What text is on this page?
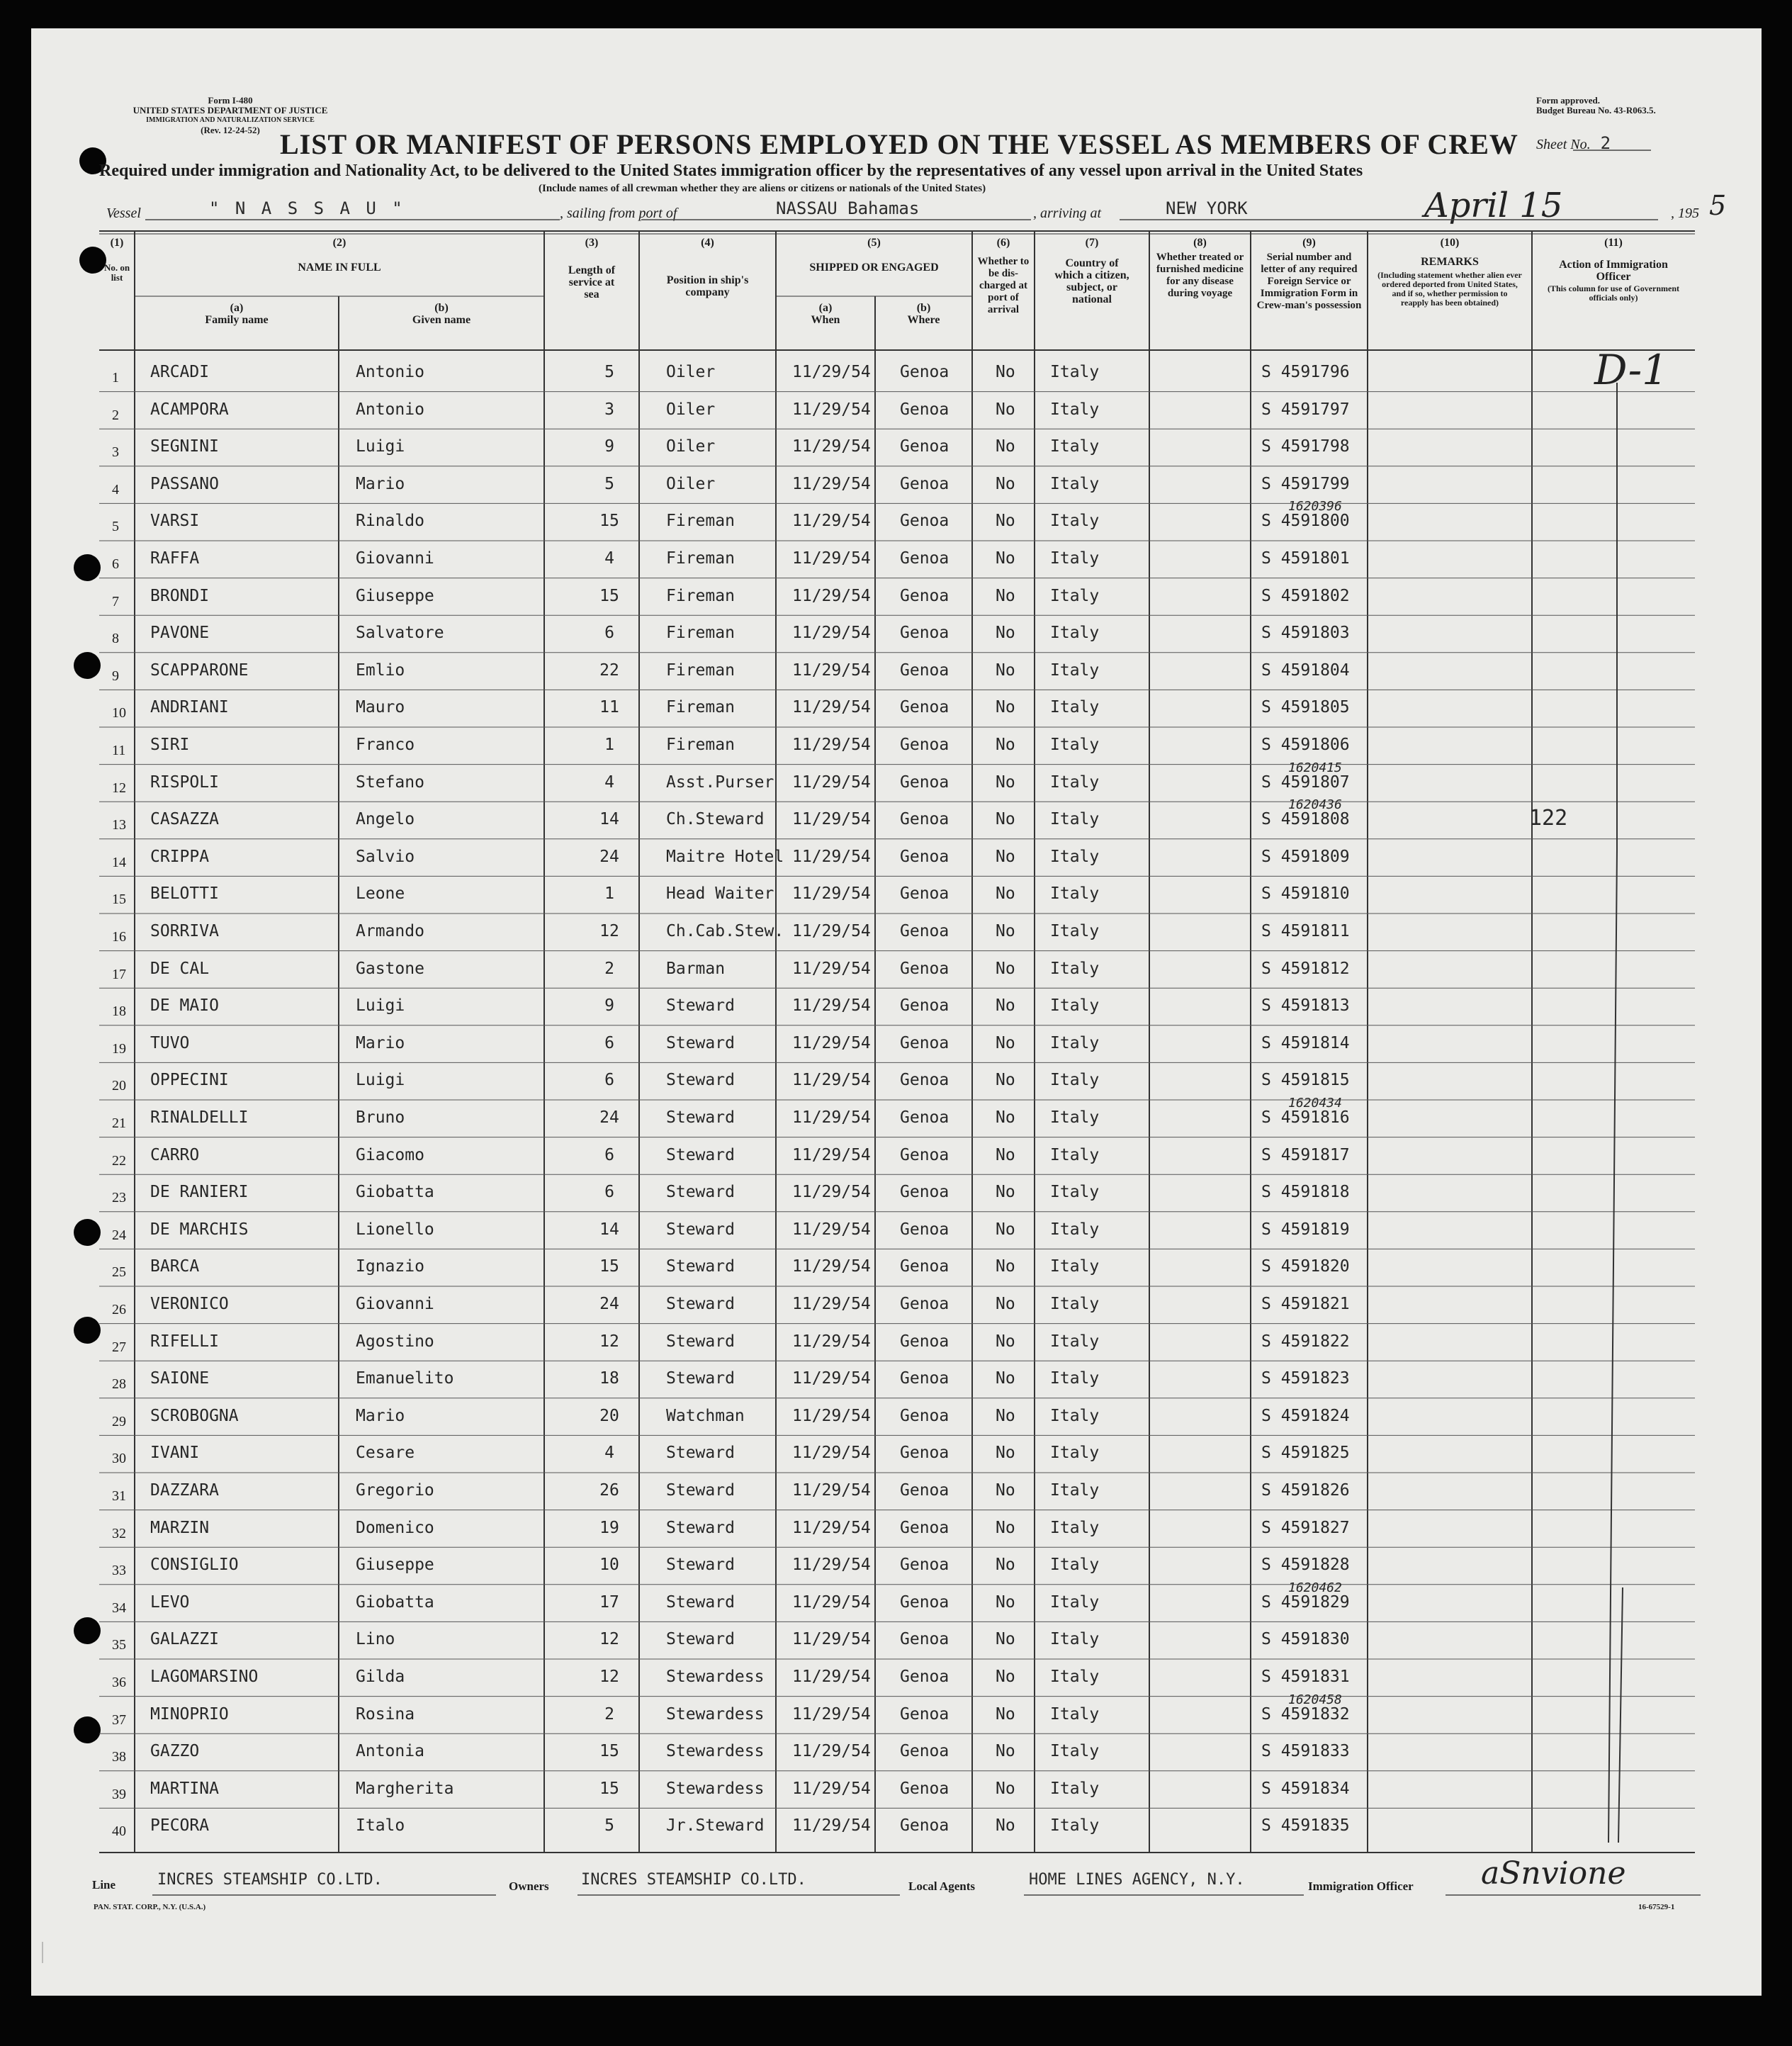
Form I-480
UNITED STATES DEPARTMENT OF JUSTICE
IMMIGRATION AND NATURALIZATION SERVICE
(Rev. 12-24-52)
Form approved.
Budget Bureau No. 43-R063.5.
LIST OR MANIFEST OF PERSONS EMPLOYED ON THE VESSEL AS MEMBERS OF CREW Sheet No. 2
Required under immigration and Nationality Act, to be delivered to the United States immigration officer by the representatives of any vessel upon arrival in the United States
(Include names of all crewman whether they are aliens or citizens or nationals of the United States)
Vessel	" N A S S A U "	, sailing from port of	NASSAU Bahamas	, arriving at	NEW YORK	April 15	, 195 5
(1)
No. on list
(2)
NAME IN FULL
(a)
Family name
(b)
Given name
(3)
Length of service at sea
(4)
Position in ship's company
(5)
SHIPPED OR ENGAGED
(a)
When
(b)
Where
(6)
Whether to be dis-charged at port of arrival
(7)
Country of which a citizen, subject, or national
(8)
Whether treated or furnished medicine for any disease during voyage
(9)
Serial number and letter of any required Foreign Service or Immigration Form in Crew-man's possession
(10)
REMARKS
(Including statement whether alien ever ordered deported from United States, and if so, whether permission to reapply has been obtained)
(11)
Action of Immigration Officer
(This column for use of Government officials only)
1 ARCADI	Antonio	5	Oiler	11/29/54 Genoa	No Italy	S 4591796
2 ACAMPORA	Antonio	3	Oiler	11/29/54 Genoa	No Italy	S 4591797
3 SEGNINI	Luigi	9	Oiler	11/29/54 Genoa	No Italy	S 4591798
4 PASSANO	Mario	5	Oiler	11/29/54 Genoa	No Italy	S 4591799
5 VARSI	Rinaldo	15	Fireman	11/29/54 Genoa	No Italy	S 4591800
1620396
6 RAFFA	Giovanni	4	Fireman	11/29/54 Genoa	No Italy	S 4591801
7 BRONDI	Giuseppe	15	Fireman	11/29/54 Genoa	No Italy	S 4591802
8 PAVONE	Salvatore	6	Fireman	11/29/54 Genoa	No Italy	S 4591803
9 SCAPPARONE	Emlio	22	Fireman	11/29/54 Genoa	No Italy	S 4591804
10 ANDRIANI	Mauro	11	Fireman	11/29/54 Genoa	No Italy	S 4591805
11 SIRI	Franco	1	Fireman	11/29/54 Genoa	No Italy	S 4591806
12 RISPOLI	Stefano	4	Asst.Purser 11/29/54 Genoa	No Italy	S 4591807
1620415
13 CASAZZA	Angelo	14	Ch.Steward 11/29/54 Genoa	No Italy	S 4591808
1620436
122
14 CRIPPA	Salvio	24	Maitre Hotel 11/29/54 Genoa	No Italy	S 4591809
15 BELOTTI	Leone	1	Head Waiter 11/29/54 Genoa	No Italy	S 4591810
16 SORRIVA	Armando	12	Ch.Cab.Stew. 11/29/54 Genoa	No Italy	S 4591811
17 DE CAL	Gastone	2	Barman	11/29/54 Genoa	No Italy	S 4591812
18 DE MAIO	Luigi	9	Steward	11/29/54 Genoa	No Italy	S 4591813
19 TUVO	Mario	6	Steward	11/29/54 Genoa	No Italy	S 4591814
20 OPPECINI	Luigi	6	Steward	11/29/54 Genoa	No Italy	S 4591815
21 RINALDELLI	Bruno	24	Steward	11/29/54 Genoa	No Italy	S 4591816
1620434
22 CARRO	Giacomo	6	Steward	11/29/54 Genoa	No Italy	S 4591817
23 DE RANIERI	Giobatta	6	Steward	11/29/54 Genoa	No Italy	S 4591818
24 DE MARCHIS	Lionello	14	Steward	11/29/54 Genoa	No Italy	S 4591819
25 BARCA	Ignazio	15	Steward	11/29/54 Genoa	No Italy	S 4591820
26 VERONICO	Giovanni	24	Steward	11/29/54 Genoa	No Italy	S 4591821
27 RIFELLI	Agostino	12	Steward	11/29/54 Genoa	No Italy	S 4591822
28 SAIONE	Emanuelito	18	Steward	11/29/54 Genoa	No Italy	S 4591823
29 SCROBOGNA	Mario	20	Watchman	11/29/54 Genoa	No Italy	S 4591824
30 IVANI	Cesare	4	Steward	11/29/54 Genoa	No Italy	S 4591825
31 DAZZARA	Gregorio	26	Steward	11/29/54 Genoa	No Italy	S 4591826
32 MARZIN	Domenico	19	Steward	11/29/54 Genoa	No Italy	S 4591827
33 CONSIGLIO	Giuseppe	10	Steward	11/29/54 Genoa	No Italy	S 4591828
34 LEVO	Giobatta	17	Steward	11/29/54 Genoa	No Italy	S 4591829
1620462
35 GALAZZI	Lino	12	Steward	11/29/54 Genoa	No Italy	S 4591830
36 LAGOMARSINO	Gilda	12	Stewardess 11/29/54 Genoa	No Italy	S 4591831
37 MINOPRIO	Rosina	2	Stewardess 11/29/54 Genoa	No Italy	S 4591832
1620458
38 GAZZO	Antonia	15	Stewardess 11/29/54 Genoa	No Italy	S 4591833
39 MARTINA	Margherita	15	Stewardess 11/29/54 Genoa	No Italy	S 4591834
40 PECORA	Italo	5	Jr.Steward 11/29/54 Genoa	No Italy	S 4591835
D-1
Line	INCRES STEAMSHIP CO.LTD.	Owners INCRES STEAMSHIP CO.LTD.	Local Agents	HOME LINES AGENCY, N.Y.	Immigration Officer aSnvione
PAN. STAT. CORP., N.Y. (U.S.A.)	16-67529-1
